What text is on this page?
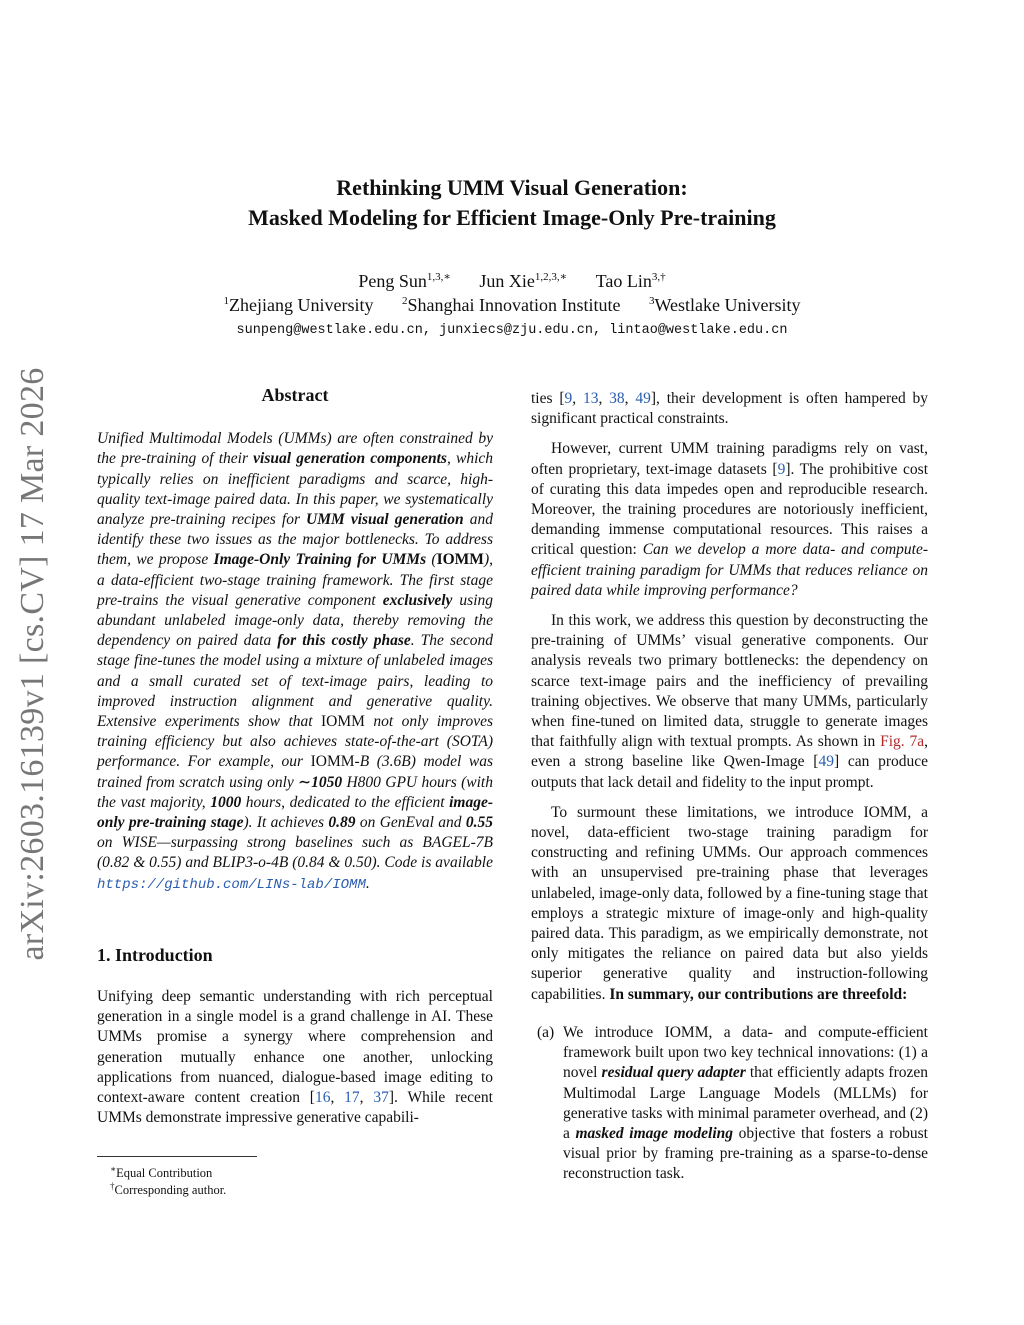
Rethinking UMM Visual Generation:
Masked Modeling for Efficient Image-Only Pre-training
Peng Sun$^{1,3,∗}$ Jun Xie$^{1,2,3,∗}$ Tao Lin$^{3,\dagger}$
$^1$Zhejiang University	$^2$Shanghai Innovation Institute	$^3$Westlake University
sunpeng@westlake.edu.cn, junxiecs@zju.edu.cn, lintao@westlake.edu.cn
arXiv:2603.16139v1 [cs.CV] 17 Mar 2026	Abstract

Unified Multimodal Models (UMMs) are often constrained by the pre-training of their visual generation components, which typically relies on inefficient paradigms and scarce, high-quality text-image paired data. In this paper, we systematically analyze pre-training recipes for UMM visual generation and identify these two issues as the major bottlenecks. To address them, we propose Image-Only Training for UMMs (IOMM), a data-efficient two-stage training framework. The first stage pre-trains the visual generative component exclusively using abundant unlabeled image-only data, thereby removing the dependency on paired data for this costly phase. The second stage fine-tunes the model using a mixture of unlabeled images and a small curated set of text-image pairs, leading to improved instruction alignment and generative quality. Extensive experiments show that IOMM not only improves training efficiency but also achieves state-of-the-art (SOTA) performance. For example, our IOMM-B (3.6B) model was trained from scratch using only ∼1050 H800 GPU hours (with the vast majority, 1000 hours, dedicated to the efficient image-only pre-training stage). It achieves 0.89 on GenEval and 0.55 on WISE—surpassing strong baselines such as BAGEL-7B (0.82 & 0.55) and BLIP3-o-4B (0.84 & 0.50). Code is available https://github.com/LINs-lab/IOMM.

1. Introduction

Unifying deep semantic understanding with rich perceptual generation in a single model is a grand challenge in AI. These UMMs promise a synergy where comprehension and generation mutually enhance one another, unlocking applications from nuanced, dialogue-based image editing to context-aware content creation [16, 17, 37]. While recent UMMs demonstrate impressive generative capabili-

∗Equal Contribution
†Corresponding author.

ties [9, 13, 38, 49], their development is often hampered by significant practical constraints.

However, current UMM training paradigms rely on vast, often proprietary, text-image datasets [9]. The prohibitive cost of curating this data impedes open and reproducible research. Moreover, the training procedures are notoriously inefficient, demanding immense computational resources. This raises a critical question: Can we develop a more data- and compute-efficient training paradigm for UMMs that reduces reliance on paired data while improving performance?

In this work, we address this question by deconstructing the pre-training of UMMs’ visual generative components. Our analysis reveals two primary bottlenecks: the dependency on scarce text-image pairs and the inefficiency of prevailing training objectives. We observe that many UMMs, particularly when fine-tuned on limited data, struggle to generate images that faithfully align with textual prompts. As shown in Fig. 7a, even a strong baseline like Qwen-Image [49] can produce outputs that lack detail and fidelity to the input prompt.

To surmount these limitations, we introduce IOMM, a novel, data-efficient two-stage training paradigm for constructing and refining UMMs. Our approach commences with an unsupervised pre-training phase that leverages unlabeled, image-only data, followed by a fine-tuning stage that employs a strategic mixture of image-only and high-quality paired data. This paradigm, as we empirically demonstrate, not only mitigates the reliance on paired data but also yields superior generative quality and instruction-following capabilities. In summary, our contributions are threefold:

(a) We introduce IOMM, a data- and compute-efficient framework built upon two key technical innovations: (1) a novel residual query adapter that efficiently adapts frozen Multimodal Large Language Models (MLLMs) for generative tasks with minimal parameter overhead, and (2) a masked image modeling objective that fosters a robust visual prior by framing pre-training as a sparse-to-dense reconstruction task.
